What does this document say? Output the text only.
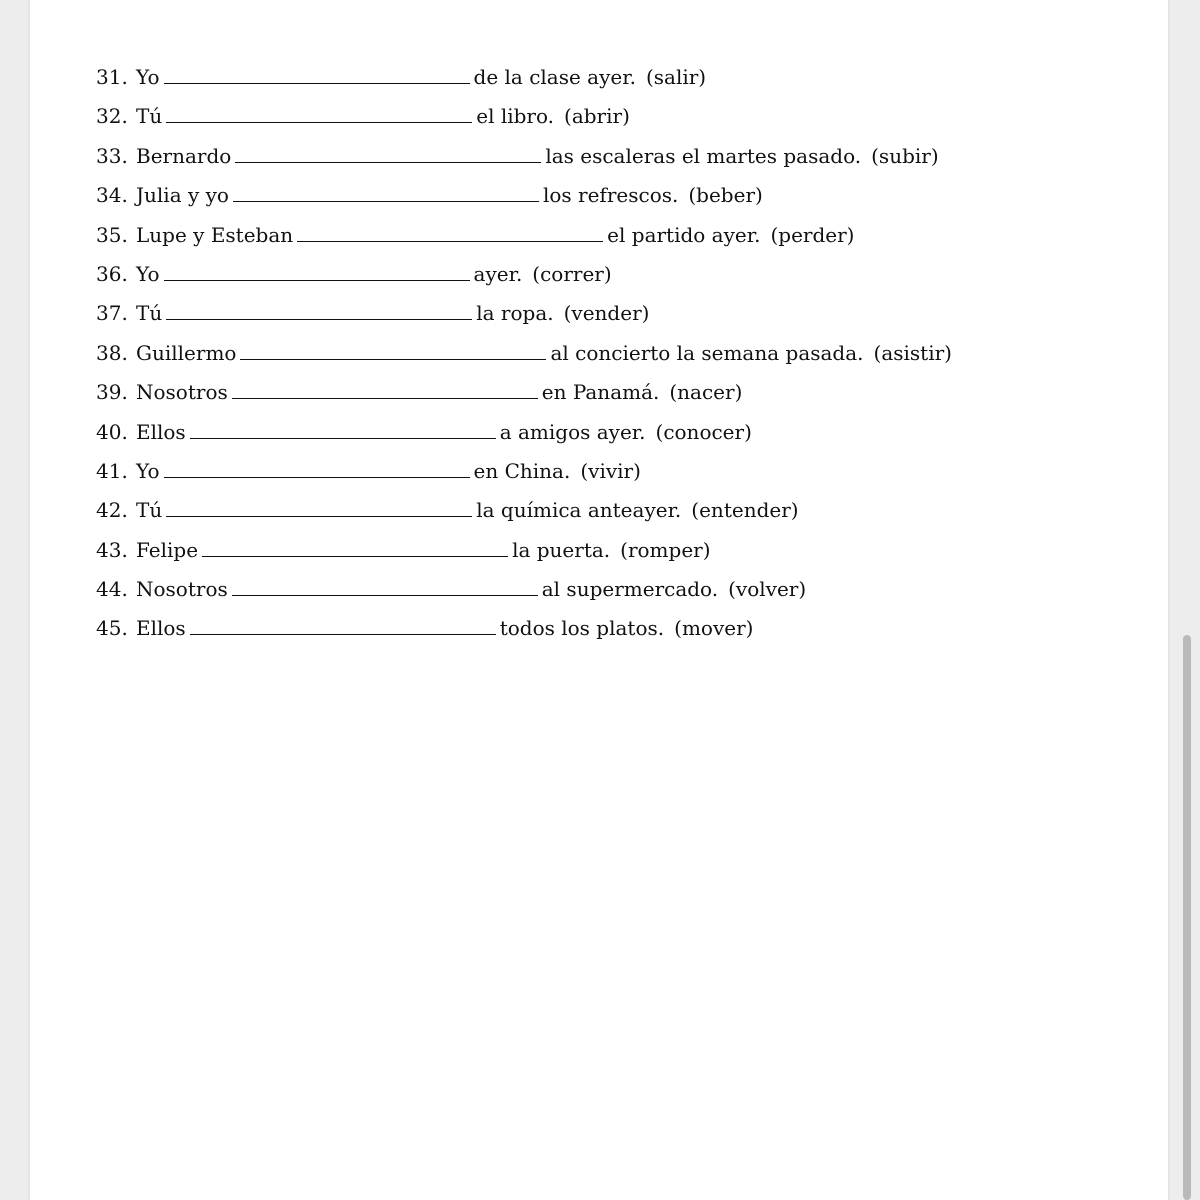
31. Yo	de la clase ayer. (salir)
32. Tú	el libro. (abrir)
33. Bernardo	las escaleras el martes pasado. (subir)
34. Julia y yo	los refrescos. (beber)
35. Lupe y Esteban	el partido ayer. (perder)
36. Yo	ayer. (correr)
37. Tú	la ropa. (vender)
38. Guillermo	al concierto la semana pasada. (asistir)
39. Nosotros	en Panamá. (nacer)
40. Ellos	a amigos ayer. (conocer)
41. Yo	en China. (vivir)
42. Tú	la química anteayer. (entender)
43. Felipe	la puerta. (romper)
44. Nosotros	al supermercado. (volver)
45. Ellos	todos los platos. (mover)
